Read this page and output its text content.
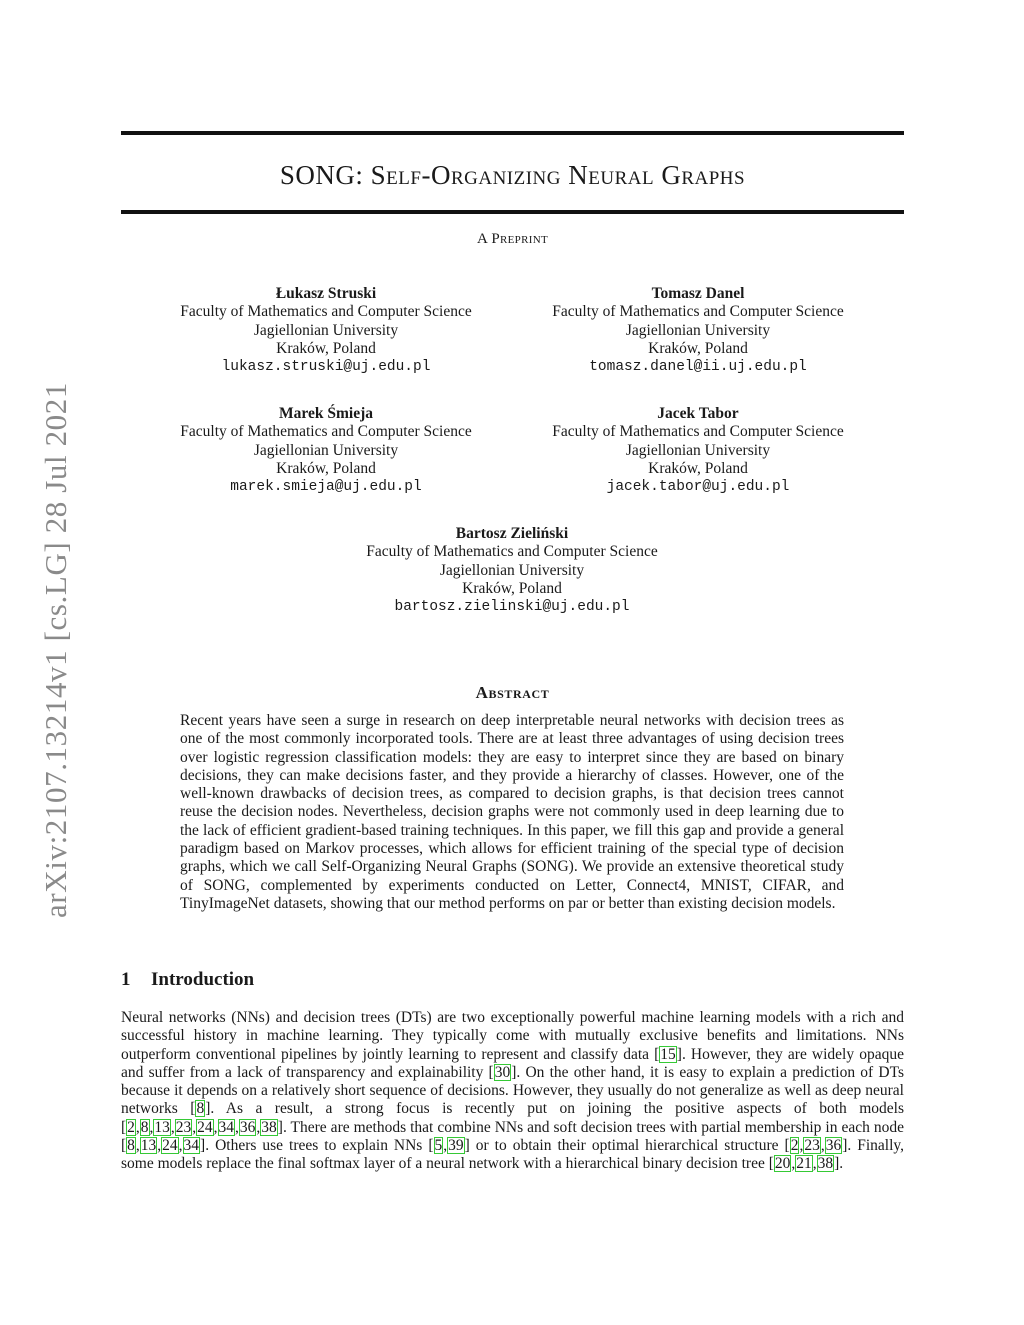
SONG: Self-Organizing Neural Graphs
A Preprint
Łukasz Struski
Faculty of Mathematics and Computer Science
Jagiellonian University
Kraków, Poland
lukasz.struski@uj.edu.pl
Tomasz Danel
Faculty of Mathematics and Computer Science
Jagiellonian University
Kraków, Poland
tomasz.danel@ii.uj.edu.pl
Marek Śmieja
Faculty of Mathematics and Computer Science
Jagiellonian University
Kraków, Poland
marek.smieja@uj.edu.pl
Jacek Tabor
Faculty of Mathematics and Computer Science
Jagiellonian University
Kraków, Poland
jacek.tabor@uj.edu.pl
Bartosz Zieliński
Faculty of Mathematics and Computer Science
Jagiellonian University
Kraków, Poland
bartosz.zielinski@uj.edu.pl
arXiv:2107.13214v1 [cs.LG] 28 Jul 2021	Abstract
Recent years have seen a surge in research on deep interpretable neural networks with decision trees as one of the most commonly incorporated tools. There are at least three advantages of using decision trees over logistic regression classification models: they are easy to interpret since they are based on binary decisions, they can make decisions faster, and they provide a hierarchy of classes. However, one of the well-known drawbacks of decision trees, as compared to decision graphs, is that decision trees cannot reuse the decision nodes. Nevertheless, decision graphs were not commonly used in deep learning due to the lack of efficient gradient-based training techniques. In this paper, we fill this gap and provide a general paradigm based on Markov processes, which allows for efficient training of the special type of decision graphs, which we call Self-Organizing Neural Graphs (SONG). We provide an extensive theoretical study of SONG, complemented by experiments conducted on Letter, Connect4, MNIST, CIFAR, and TinyImageNet datasets, showing that our method performs on par or better than existing decision models.
1 Introduction
Neural networks (NNs) and decision trees (DTs) are two exceptionally powerful machine learning models with a rich and successful history in machine learning. They typically come with mutually exclusive benefits and limitations. NNs outperform conventional pipelines by jointly learning to represent and classify data [15]. However, they are widely opaque and suffer from a lack of transparency and explainability [30]. On the other hand, it is easy to explain a prediction of DTs because it depends on a relatively short sequence of decisions. However, they usually do not generalize as well as deep neural networks [8]. As a result, a strong focus is recently put on joining the positive aspects of both models [2,8,13,23,24,34,36,38]. There are methods that combine NNs and soft decision trees with partial membership in each node [8,13,24,34]. Others use trees to explain NNs [5,39] or to obtain their optimal hierarchical structure [2,23,36]. Finally, some models replace the final softmax layer of a neural network with a hierarchical binary decision tree [20,21,38].
